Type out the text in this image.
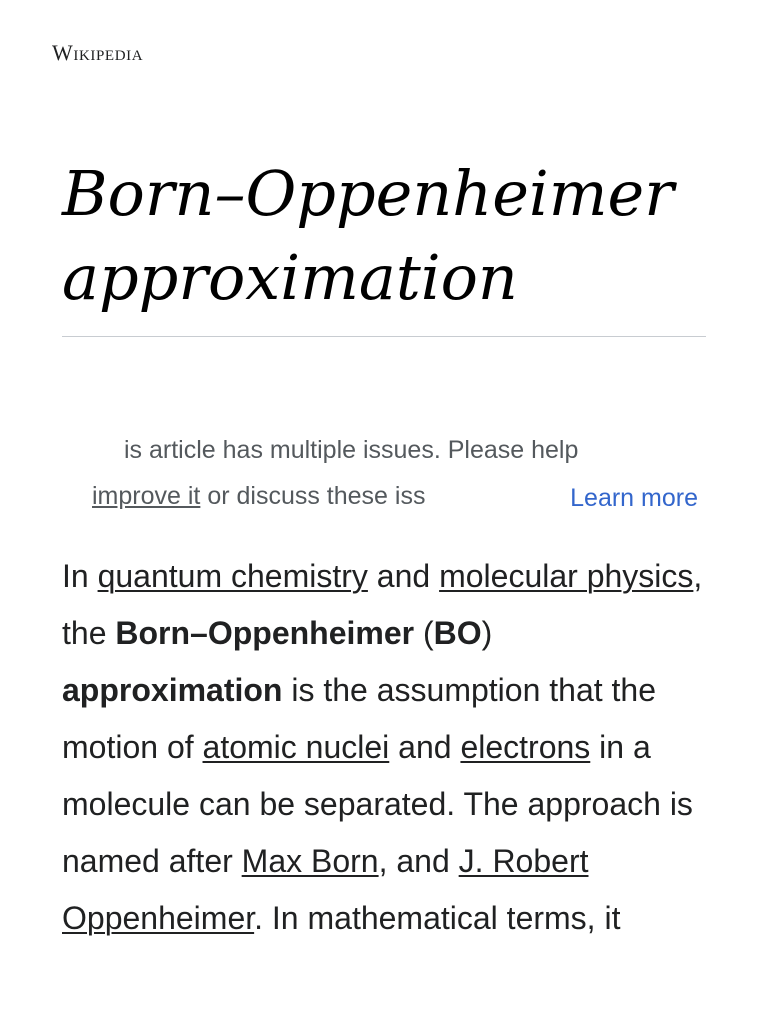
Wikipedia
Born–Oppenheimer approximation
is article has multiple issues. Please help
improve it or discuss these iss	Learn more

In quantum chemistry and molecular physics, the Born–Oppenheimer (BO) approximation is the assumption that the motion of atomic nuclei and electrons in a molecule can be separated. The approach is named after Max Born, and J. Robert Oppenheimer. In mathematical terms, it
